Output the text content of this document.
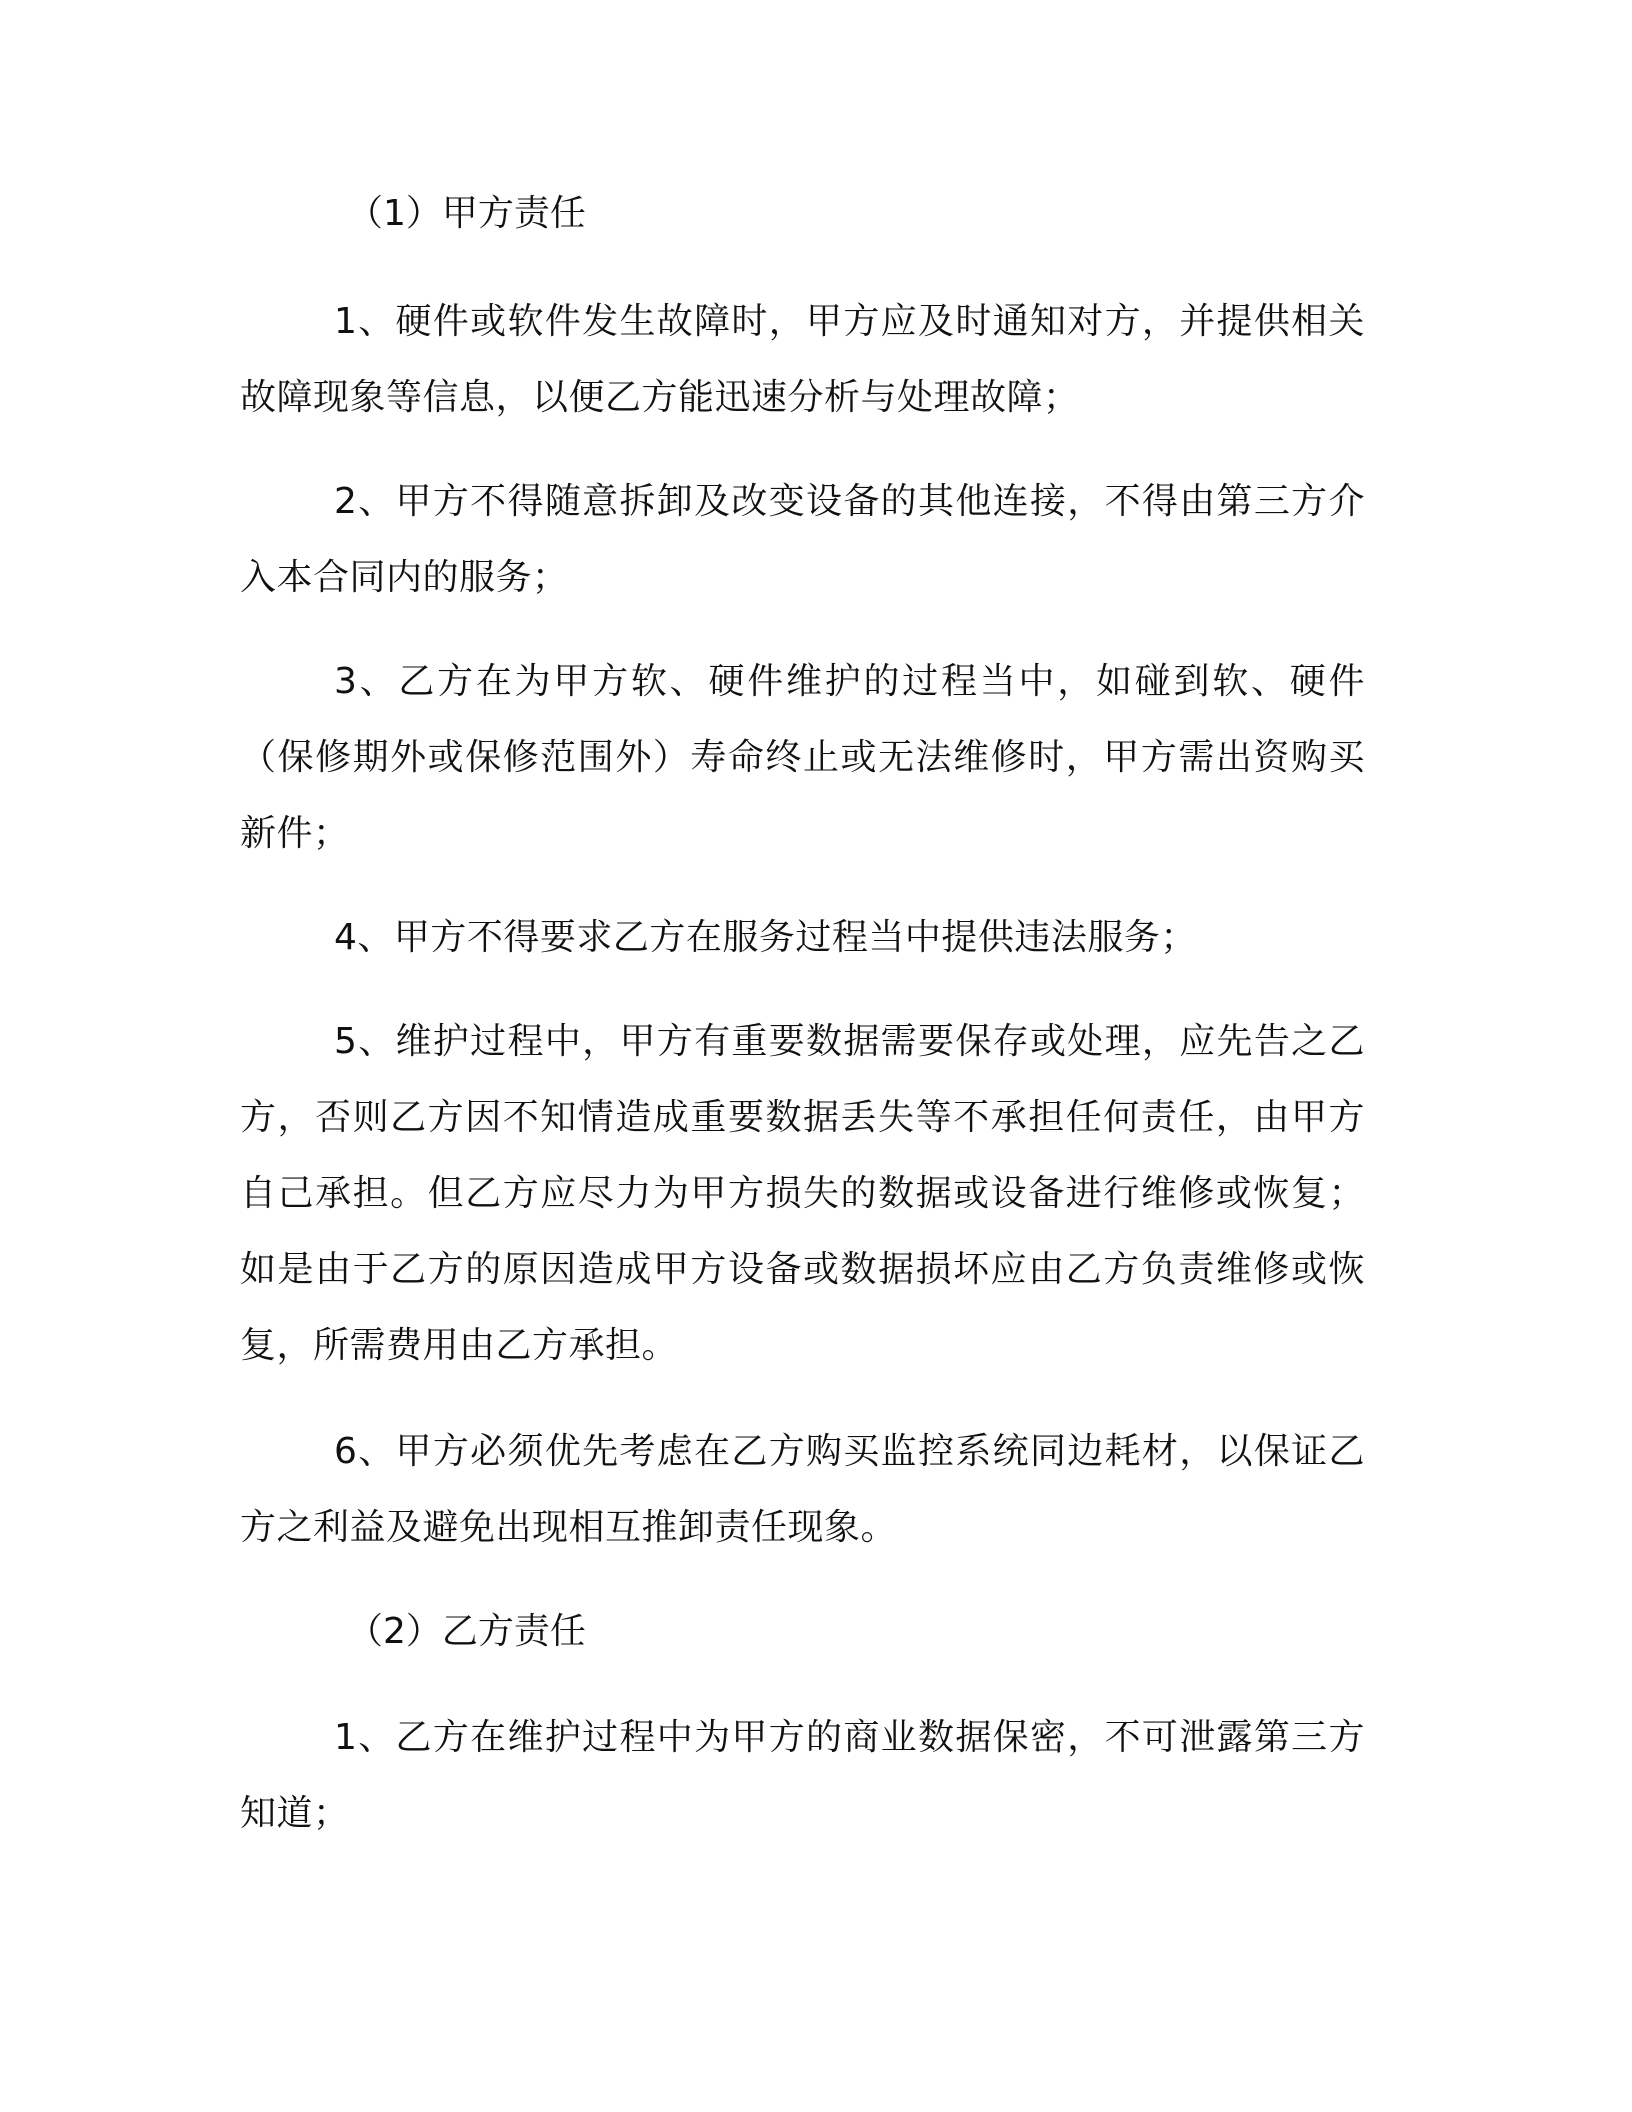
（1）甲方责任

1、硬件或软件发生故障时，甲方应及时通知对方，并提供相关故障现象等信息，以便乙方能迅速分析与处理故障；

2、甲方不得随意拆卸及改变设备的其他连接，不得由第三方介入本合同内的服务；

3、乙方在为甲方软、硬件维护的过程当中，如碰到软、硬件（保修期外或保修范围外）寿命终止或无法维修时，甲方需出资购买新件；

4、甲方不得要求乙方在服务过程当中提供违法服务；

5、维护过程中，甲方有重要数据需要保存或处理，应先告之乙方，否则乙方因不知情造成重要数据丢失等不承担任何责任，由甲方自己承担。但乙方应尽力为甲方损失的数据或设备进行维修或恢复；如是由于乙方的原因造成甲方设备或数据损坏应由乙方负责维修或恢复，所需费用由乙方承担。

6、甲方必须优先考虑在乙方购买监控系统同边耗材，以保证乙方之利益及避免出现相互推卸责任现象。

（2）乙方责任

1、乙方在维护过程中为甲方的商业数据保密，不可泄露第三方知道；
